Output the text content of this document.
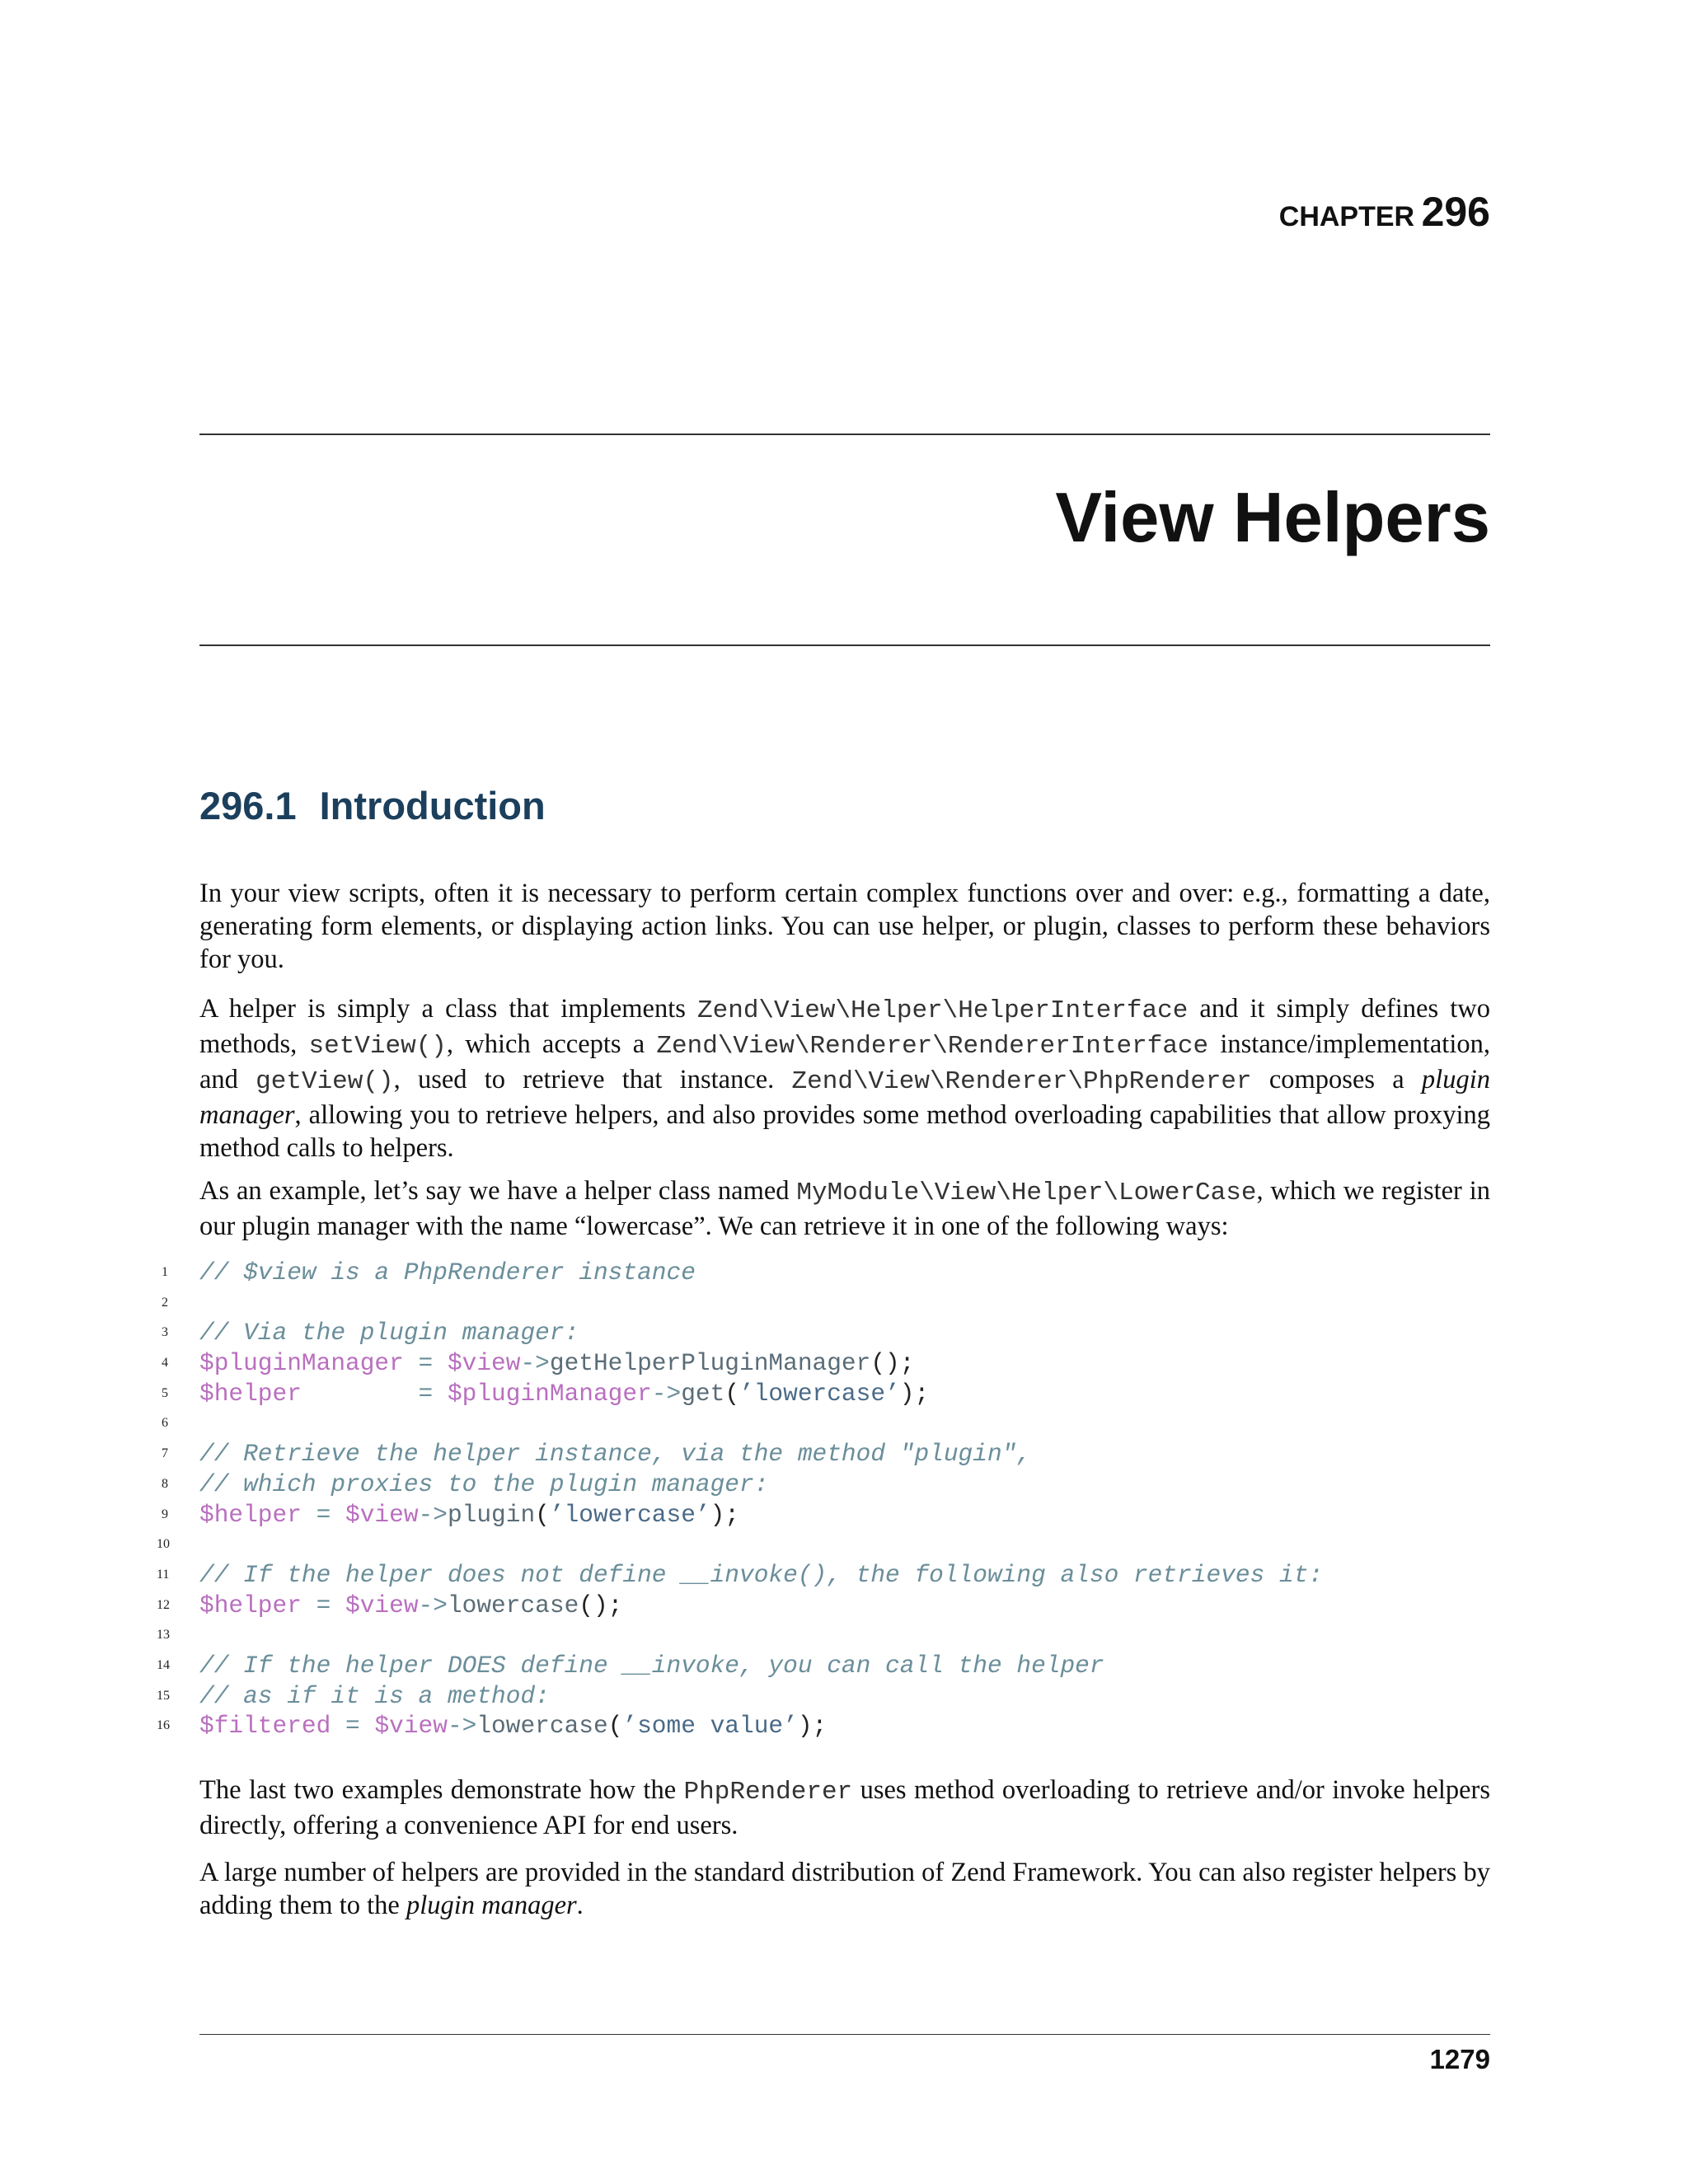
CHAPTER 296
View Helpers
296.1 Introduction

In your view scripts, often it is necessary to perform certain complex functions over and over: e.g., formatting a date, generating form elements, or displaying action links. You can use helper, or plugin, classes to perform these behaviors for you.

A helper is simply a class that implements Zend\View\Helper\HelperInterface and it simply defines two methods, setView(), which accepts a Zend\View\Renderer\RendererInterface instance/implementation, and getView(), used to retrieve that instance. Zend\View\Renderer\PhpRenderer composes a plugin manager, allowing you to retrieve helpers, and also provides some method overloading capabilities that allow proxying method calls to helpers.

As an example, let’s say we have a helper class named MyModule\View\Helper\LowerCase, which we register in our plugin manager with the name “lowercase”. We can retrieve it in one of the following ways:

1 // $view is a PhpRenderer instance
2
3 // Via the plugin manager:
4 $pluginManager = $view->getHelperPluginManager();
5 $helper        = $pluginManager->get(’lowercase’);
6
7 // Retrieve the helper instance, via the method "plugin",
8 // which proxies to the plugin manager:
9 $helper = $view->plugin(’lowercase’);
10
11 // If the helper does not define __invoke(), the following also retrieves it:
12 $helper = $view->lowercase();
13
14 // If the helper DOES define __invoke, you can call the helper
15 // as if it is a method:
16 $filtered = $view->lowercase(’some value’);

The last two examples demonstrate how the PhpRenderer uses method overloading to retrieve and/or invoke helpers directly, offering a convenience API for end users.

A large number of helpers are provided in the standard distribution of Zend Framework. You can also register helpers by adding them to the plugin manager.

1279
